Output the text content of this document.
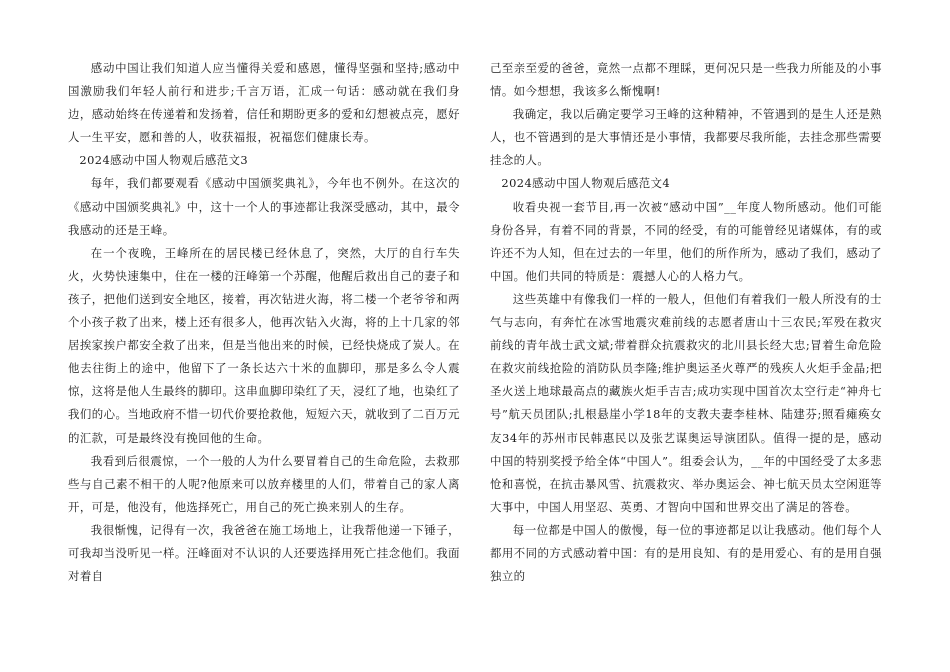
感动中国让我们知道人应当懂得关爱和感恩，懂得坚强和坚持;感动中国激励我们年轻人前行和进步;千言万语，汇成一句话：感动就在我们身边，感动始终在传递着和发扬着，信任和期盼更多的爱和幻想被点亮，愿好人一生平安，愿和善的人，收获福报，祝福您们健康长寿。

2024感动中国人物观后感范文3

每年，我们都要观看《感动中国颁奖典礼》，今年也不例外。在这次的《感动中国颁奖典礼》中，这十一个人的事迹都让我深受感动，其中，最令我感动的还是王峰。

在一个夜晚，王峰所在的居民楼已经休息了，突然，大厅的自行车失火，火势快速集中，住在一楼的汪峰第一个苏醒，他醒后救出自己的妻子和孩子，把他们送到安全地区，接着，再次钻进火海，将二楼一个老爷爷和两个小孩子救了出来，楼上还有很多人，他再次钻入火海，将的上十几家的邻居挨家挨户都安全救了出来，但是当他出来的时候，已经快烧成了炭人。在他去往街上的途中，他留下了一条长达六十米的血脚印，那是多么令人震惊，这将是他人生最终的脚印。这串血脚印染红了天，浸红了地，也染红了我们的心。当地政府不惜一切代价要抢救他，短短六天，就收到了二百万元的汇款，可是最终没有挽回他的生命。

我看到后很震惊，一个一般的人为什么要冒着自己的生命危险，去救那些与自己素不相干的人呢?他原来可以放弃楼里的人们，带着自己的家人离开，可是，他没有，他选择死亡，用自己的死亡换来别人的生存。

我很惭愧，记得有一次，我爸爸在施工场地上，让我帮他递一下锤子，可我却当没听见一样。汪峰面对不认识的人还要选择用死亡挂念他们。我面对着自

己至亲至爱的爸爸，竟然一点都不理睬，更何况只是一些我力所能及的小事情。如今想想，我该多么惭愧啊!

我确定，我以后确定要学习王峰的这种精神，不管遇到的是生人还是熟人，也不管遇到的是大事情还是小事情，我都要尽我所能，去挂念那些需要挂念的人。

2024感动中国人物观后感范文4

收看央视一套节目,再一次被“感动中国”__年度人物所感动。他们可能身份各异，有着不同的背景，不同的经受，有的可能曾经见诸媒体，有的或许还不为人知，但在过去的一年里，他们的所作所为，感动了我们，感动了中国。他们共同的特质是：震撼人心的人格力气。

这些英雄中有像我们一样的一般人，但他们有着我们一般人所没有的士气与志向，有奔忙在冰雪地震灾难前线的志愿者唐山十三农民;军殁在救灾前线的青年战士武文斌;带着群众抗震救灾的北川县长经大忠;冒着生命危险在救灾前线抢险的消防队员李隆;维护奥运圣火尊严的残疾人火炬手金晶;把圣火送上地球最高点的藏族火炬手吉吉;成功实现中国首次太空行走“神舟七号”航天员团队;扎根悬崖小学18年的支教夫妻李桂林、陆建芬;照看瘫痪女友34年的苏州市民韩惠民以及张艺谋奥运导演团队。值得一提的是，感动中国的特别奖授予给全体“中国人”。组委会认为，__年的中国经受了太多悲怆和喜悦，在抗击暴风雪、抗震救灾、举办奥运会、神七航天员太空闲逛等大事中，中国人用坚忍、英勇、才智向中国和世界交出了满足的答卷。

每一位都是中国人的傲慢，每一位的事迹都足以让我感动。他们每个人都用不同的方式感动着中国：有的是用良知、有的是用爱心、有的是用自强独立的
